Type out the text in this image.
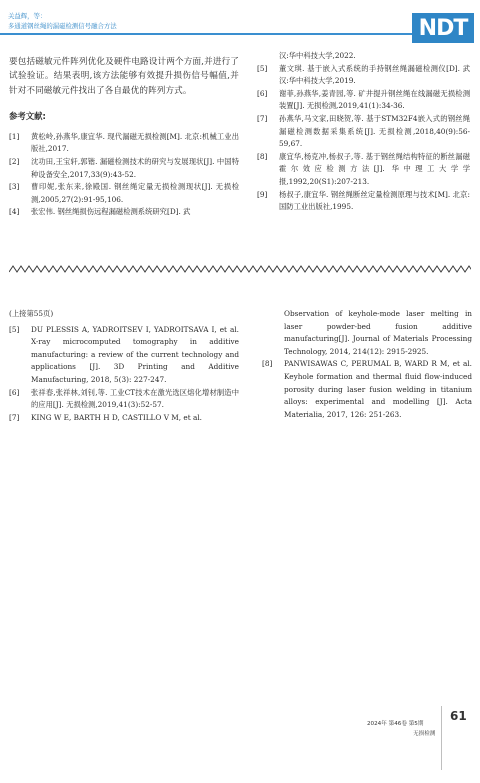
关益辉，等：
多通道钢丝绳的漏磁检测信号融合方法	NDT

要包括磁敏元件阵列优化及硬件电路设计两个方面,并进行了试验验证。结果表明,该方法能够有效提升损伤信号幅值,并针对不同磁敏元件找出了各自最优的阵列方式。

参考文献:
[1]	黄松岭,孙燕华,康宜华. 现代漏磁无损检测[M]. 北京:机械工业出版社,2017.
[2]	沈功田,王宝轩,郭锴. 漏磁检测技术的研究与发展现状[J]. 中国特种设备安全,2017,33(9):43-52.
[3]	曹印妮,张东来,徐殿国. 钢丝绳定量无损检测现状[J]. 无损检测,2005,27(2):91-95,106.
[4]	张宏伟. 钢丝绳损伤远程漏磁检测系统研究[D]. 武
汉:华中科技大学,2022.
[5]	董文琪. 基于嵌入式系统的手持钢丝绳漏磁检测仪[D]. 武汉:华中科技大学,2019.
[6]	谢菲,孙燕华,姜青园,等. 矿井提升钢丝绳在线漏磁无损检测装置[J]. 无损检测,2019,41(1):34-36.
[7]	孙燕华,马文家,田晓贺,等. 基于STM32F4嵌入式的钢丝绳漏磁检测数据采集系统[J]. 无损检测,2018,40(9):56-59,67.
[8]	康宜华,杨克冲,杨叔子,等. 基于钢丝绳结构特征的断丝漏磁霍尔效应检测方法[J]. 华中理工大学学报,1992,20(S1):207-213.
[9]	杨叔子,康宜华. 钢丝绳断丝定量检测原理与技术[M]. 北京:国防工业出版社,1995.
(上接第55页)
[5]	DU PLESSIS A, YADROITSEV I, YADROITSAVA I, et al. X-ray microcomputed tomography in additive manufacturing: a review of the current technology and applications [J]. 3D Printing and Additive Manufacturing, 2018, 5(3): 227-247.
[6]	张祥春,张祥林,刘钊,等. 工业CT技术在激光选区熔化增材制造中的应用[J]. 无损检测,2019,41(3):52-57.
[7]	KING W E, BARTH H D, CASTILLO V M, et al.
Observation of keyhole-mode laser melting in laser powder-bed fusion additive manufacturing[J]. Journal of Materials Processing Technology, 2014, 214(12): 2915-2925.
[8]	PANWISAWAS C, PERUMAL B, WARD R M, et al. Keyhole formation and thermal fluid flow-induced porosity during laser fusion welding in titanium alloys: experimental and modelling [J]. Acta Materialia, 2017, 126: 251-263.
61
2024年 第46卷 第5期
无损检测
